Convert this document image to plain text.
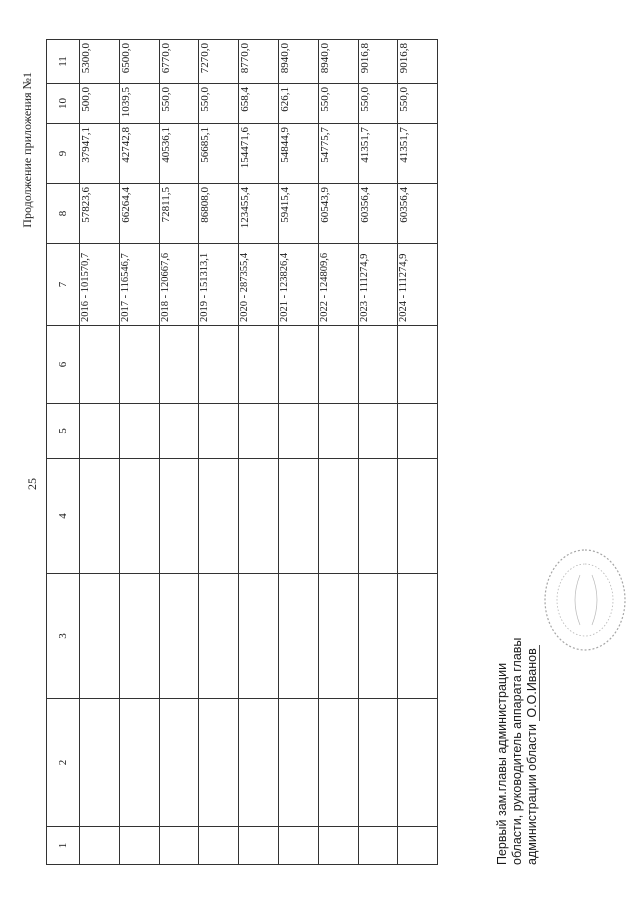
25
Продолжение приложения №1
1	2	3	4	5	6	7	8	9	10	11
						2016 - 101570,7	57823,6	37947,1	500,0	5300,0
						2017 - 116546,7	66264,4	42742,8	1039,5	6500,0
						2018 - 120667,6	72811,5	40536,1	550,0	6770,0
						2019 - 151313,1	86808,0	56685,1	550,0	7270,0
						2020 - 287355,4	123455,4	154471,6	658,4	8770,0
						2021 - 123826,4	59415,4	54844,9	626,1	8940,0
						2022 - 124809,6	60543,9	54775,7	550,0	8940,0
						2023 - 111274,9	60356,4	41351,7	550,0	9016,8
						2024 - 111274,9	60356,4	41351,7	550,0	9016,8
Первый зам.главы администрации области, руководитель аппарата главы администрации области О.О.Иванов
